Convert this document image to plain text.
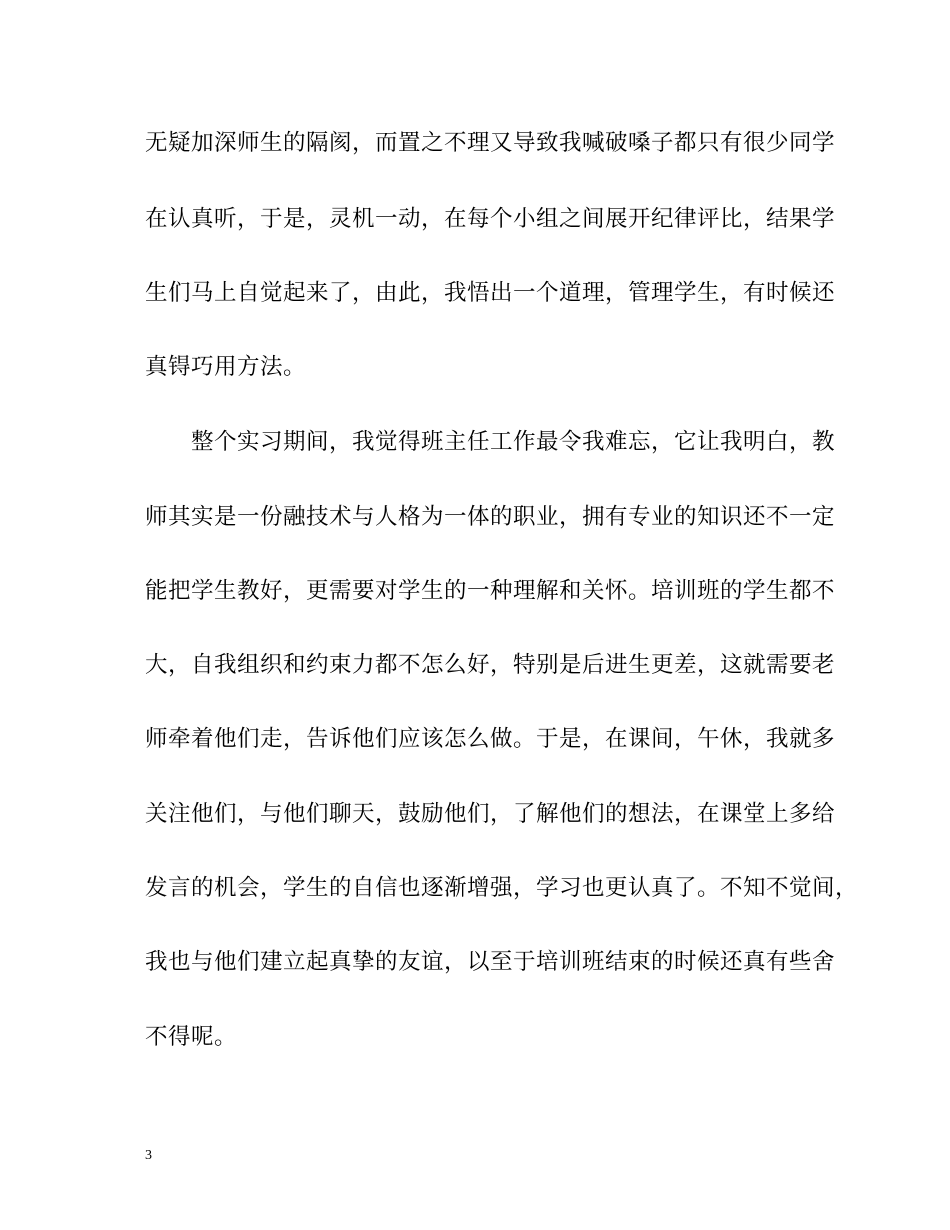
无疑加深师生的隔阂，而置之不理又导致我喊破嗓子都只有很少同学
在认真听，于是，灵机一动，在每个小组之间展开纪律评比，结果学
生们马上自觉起来了，由此，我悟出一个道理，管理学生，有时候还
真锝巧用方法。
　　整个实习期间，我觉得班主任工作最令我难忘，它让我明白，教
师其实是一份融技术与人格为一体的职业，拥有专业的知识还不一定
能把学生教好，更需要对学生的一种理解和关怀。培训班的学生都不
大，自我组织和约束力都不怎么好，特别是后进生更差，这就需要老
师牵着他们走，告诉他们应该怎么做。于是，在课间，午休，我就多
关注他们，与他们聊天，鼓励他们，了解他们的想法，在课堂上多给
发言的机会，学生的自信也逐渐增强，学习也更认真了。不知不觉间，
我也与他们建立起真挚的友谊，以至于培训班结束的时候还真有些舍
不得呢。
3
